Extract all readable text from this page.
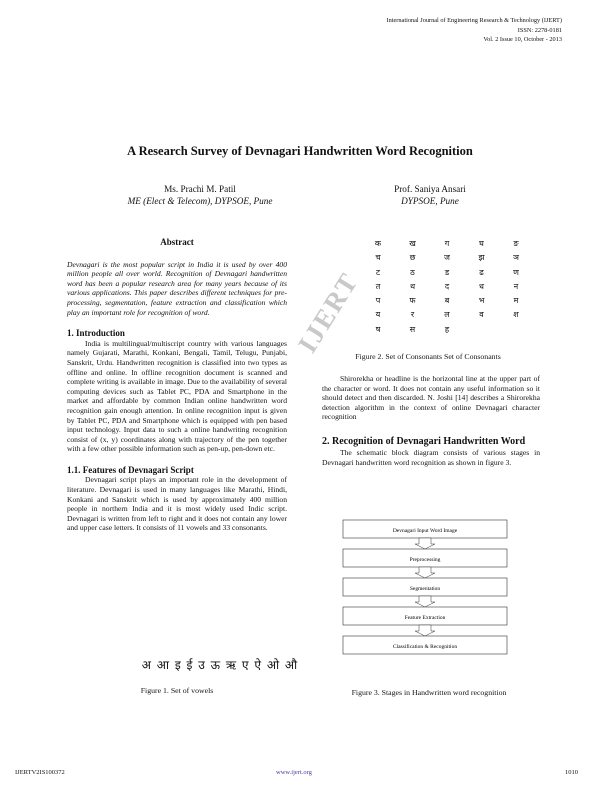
International Journal of Engineering Research & Technology (IJERT)
ISSN: 2278-0181
Vol. 2 Issue 10, October - 2013
A Research Survey of Devnagari Handwritten Word Recognition
Ms. Prachi M. Patil
ME (Elect & Telecom), DYPSOE, Pune
Prof. Saniya Ansari
DYPSOE, Pune
Abstract

Devnagari is the most popular script in India it is used by over 400 million people all over world. Recognition of Devnagari handwritten word has been a popular research area for many years because of its various applications. This paper describes different techniques for pre-processing, segmentation, feature extraction and classification which play an important role for recognition of word.

1. Introduction

India is multilingual/multiscript country with various languages namely Gujarati, Marathi, Konkani, Bengali, Tamil, Telugu, Punjabi, Sanskrit, Urdu. Handwritten recognition is classified into two types as offline and online. In offline recognition document is scanned and complete writing is available in image. Due to the availability of several computing devices such as Tablet PC, PDA and Smartphone in the market and affordable by common Indian online handwritten word recognition gain enough attention. In online recognition input is given by Tablet PC, PDA and Smartphone which is equipped with pen based input technology. Input data to such a online handwriting recognition consist of (x, y) coordinates along with trajectory of the pen together with a few other possible information such as pen-up, pen-down etc.

1.1. Features of Devnagari Script

Devnagari script plays an important role in the development of literature. Devnagari is used in many languages like Marathi, Hindi, Konkani and Sanskrit which is used by approximately 400 million people in northern India and it is most widely used Indic script. Devnagari is written from left to right and it does not contain any lower and upper case letters. It consists of 11 vowels and 33 consonants.

अ आ इ ई उ ऊ ऋ ए ऐ ओ औ
Figure 1. Set of vowels
क	ख	ग	घ	ङ
च	छ	ज	झ	ञ
ट	ठ	ड	ढ	ण
त	थ	द	ध	न
प	फ	ब	भ	म
य	र	ल	व	श
ष	स	ह
Figure 2. Set of Consonants Set of Consonants

Shirorekha or headline is the horizontal line at the upper part of the character or word. It does not contain any useful information so it should detect and then discarded. N. Joshi [14] describes a Shirorekha detection algorithm in the context of online Devnagari character recognition

2. Recognition of Devnagari Handwritten Word

The schematic block diagram consists of various stages in Devnagari handwritten word recognition as shown in figure 3.

Devnagari Input Word Image
Preprocessing
Segmentation
Feature Extraction
Classification & Recognition
Figure 3. Stages in Handwritten word recognition
IJERT
IJERTV2IS100372	www.ijert.org	1010
